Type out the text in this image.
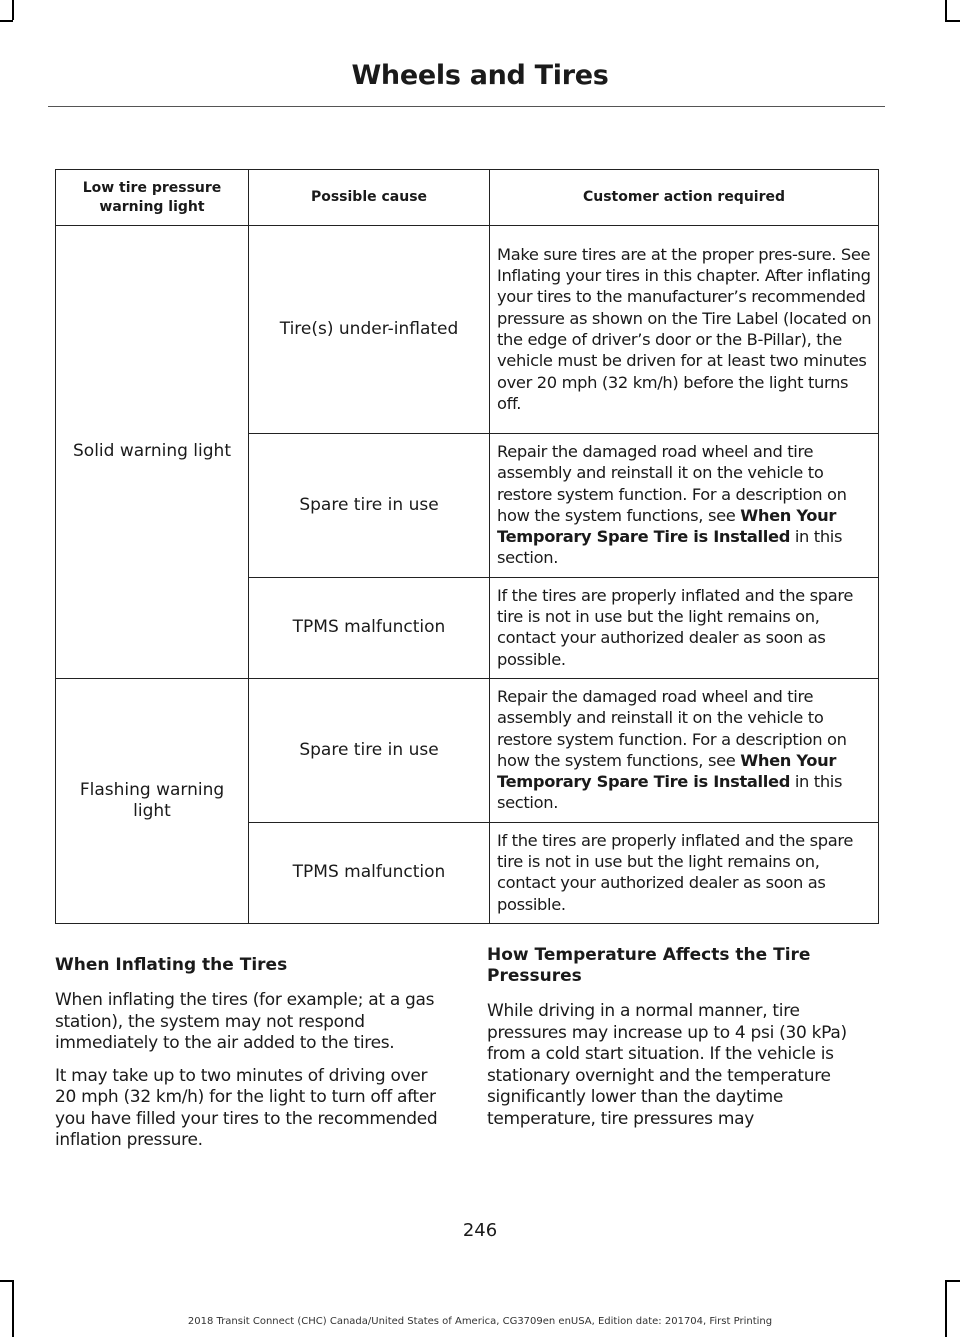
Wheels and Tires
Low tire pressure warning light	Possible cause	Customer action required
Solid warning light	Tire(s) under-inflated	Make sure tires are at the proper pres-sure. See Inflating your tires in this chapter. After inflating your tires to the manufacturer’s recommended pressure as shown on the Tire Label (located on the edge of driver’s door or the B-Pillar), the vehicle must be driven for at least two minutes over 20 mph (32 km/h) before the light turns off.
	Spare tire in use	Repair the damaged road wheel and tire assembly and reinstall it on the vehicle to restore system function. For a description on how the system functions, see When Your Temporary Spare Tire is Installed in this section.
	TPMS malfunction	If the tires are properly inflated and the spare tire is not in use but the light remains on, contact your authorized dealer as soon as possible.
Flashing warning light	Spare tire in use	Repair the damaged road wheel and tire assembly and reinstall it on the vehicle to restore system function. For a description on how the system functions, see When Your Temporary Spare Tire is Installed in this section.
	TPMS malfunction	If the tires are properly inflated and the spare tire is not in use but the light remains on, contact your authorized dealer as soon as possible.
When Inflating the Tires

When inflating the tires (for example; at a gas station), the system may not respond immediately to the air added to the tires.

It may take up to two minutes of driving over 20 mph (32 km/h) for the light to turn off after you have filled your tires to the recommended inflation pressure.

How Temperature Affects the Tire Pressures

While driving in a normal manner, tire pressures may increase up to 4 psi (30 kPa) from a cold start situation. If the vehicle is stationary overnight and the temperature significantly lower than the daytime temperature, tire pressures may

246
2018 Transit Connect (CHC) Canada/United States of America, CG3709en enUSA, Edition date: 201704, First Printing
